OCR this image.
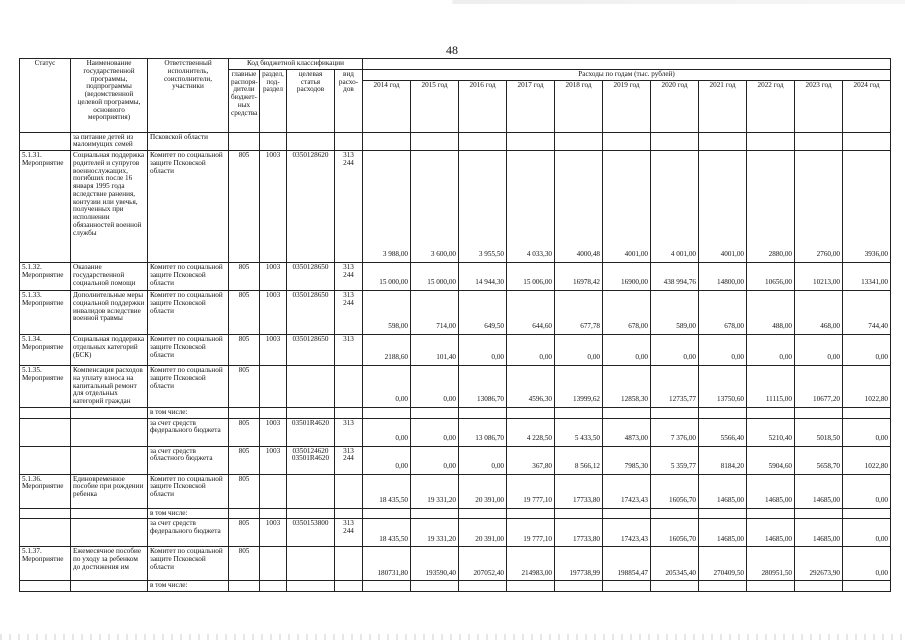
48
Статус	Наименование государственной программы, подпрограммы (ведомственной целевой программы, основного мероприятия)	Ответственный исполнитель, соисполнители, участники	Код бюджетной классификации														
			главные распоря-дители бюджет-ных средства	раздел, под-раздел	целевая статья расходов	вид расхо-дов	Расходы по годам (тыс. рублей)										
							2014 год	2015 год	2016 год	2017 год	2018 год	2019 год	2020 год	2021 год	2022 год	2023 год	2024 год
	за питание детей из малоимущих семей	Псковской области															
5.1.31. Мероприятие	Социальная поддержка родителей и супругов военнослужащих, погибших после 16 января 1995 года вследствие ранения, контузии или увечья, полученных при исполнении обязанностей военной службы	Комитет по социальной защите Псковской области	805	1003	0350128620	313 244	3 988,00	3 600,00	3 955,50	4 033,30	4000,48	4001,00	4 001,00	4001,00	2880,00	2760,00	3936,00
5.1.32. Мероприятие	Оказание государственной социальной помощи	Комитет по социальной защите Псковской области	805	1003	0350128650	313 244	15 000,00	15 000,00	14 944,30	15 006,00	16978,42	16900,00	438 994,76	14800,00	10656,00	10213,00	13341,00
5.1.33. Мероприятие	Дополнительные меры социальной поддержки инвалидов вследствие военной травмы	Комитет по социальной защите Псковской области	805	1003	0350128650	313 244	598,00	714,00	649,50	644,60	677,78	678,00	589,00	678,00	488,00	468,00	744,40
5.1.34. Мероприятие	Социальная поддержка отдельных категорий (БСК)	Комитет по социальной защите Псковской области	805	1003	0350128650	313	2188,60	101,40	0,00	0,00	0,00	0,00	0,00	0,00	0,00	0,00	0,00
5.1.35. Мероприятие	Компенсация расходов на уплату взноса на капитальный ремонт для отдельных категорий граждан	Комитет по социальной защите Псковской области	805				0,00	0,00	13086,70	4596,30	13999,62	12858,30	12735,77	13750,60	11115,00	10677,20	1022,80
		в том числе:															
		за счет средств федерального бюджета	805	1003	03501R4620	313	0,00	0,00	13 086,70	4 228,50	5 433,50	4873,00	7 376,00	5566,40	5210,40	5018,50	0,00
		за счет средств областного бюджета	805	1003	0350124620 03501R4620	313 244	0,00	0,00	0,00	367,80	8 566,12	7985,30	5 359,77	8184,20	5904,60	5658,70	1022,80
5.1.36. Мероприятие	Единовременное пособие при рождении ребенка	Комитет по социальной защите Псковской области	805				18 435,50	19 331,20	20 391,00	19 777,10	17733,80	17423,43	16056,70	14685,00	14685,00	14685,00	0,00
		в том числе:															
		за счет средств федерального бюджета	805	1003	0350153800	313 244	18 435,50	19 331,20	20 391,00	19 777,10	17733,80	17423,43	16056,70	14685,00	14685,00	14685,00	0,00
5.1.37. Мероприятие	Ежемесячное пособие по уходу за ребенком до достижения им	Комитет по социальной защите Псковской области	805				180731,80	193590,40	207052,40	214983,00	197738,99	198854,47	205345,40	270409,50	280951,50	292673,90	0,00
		в том числе:															
